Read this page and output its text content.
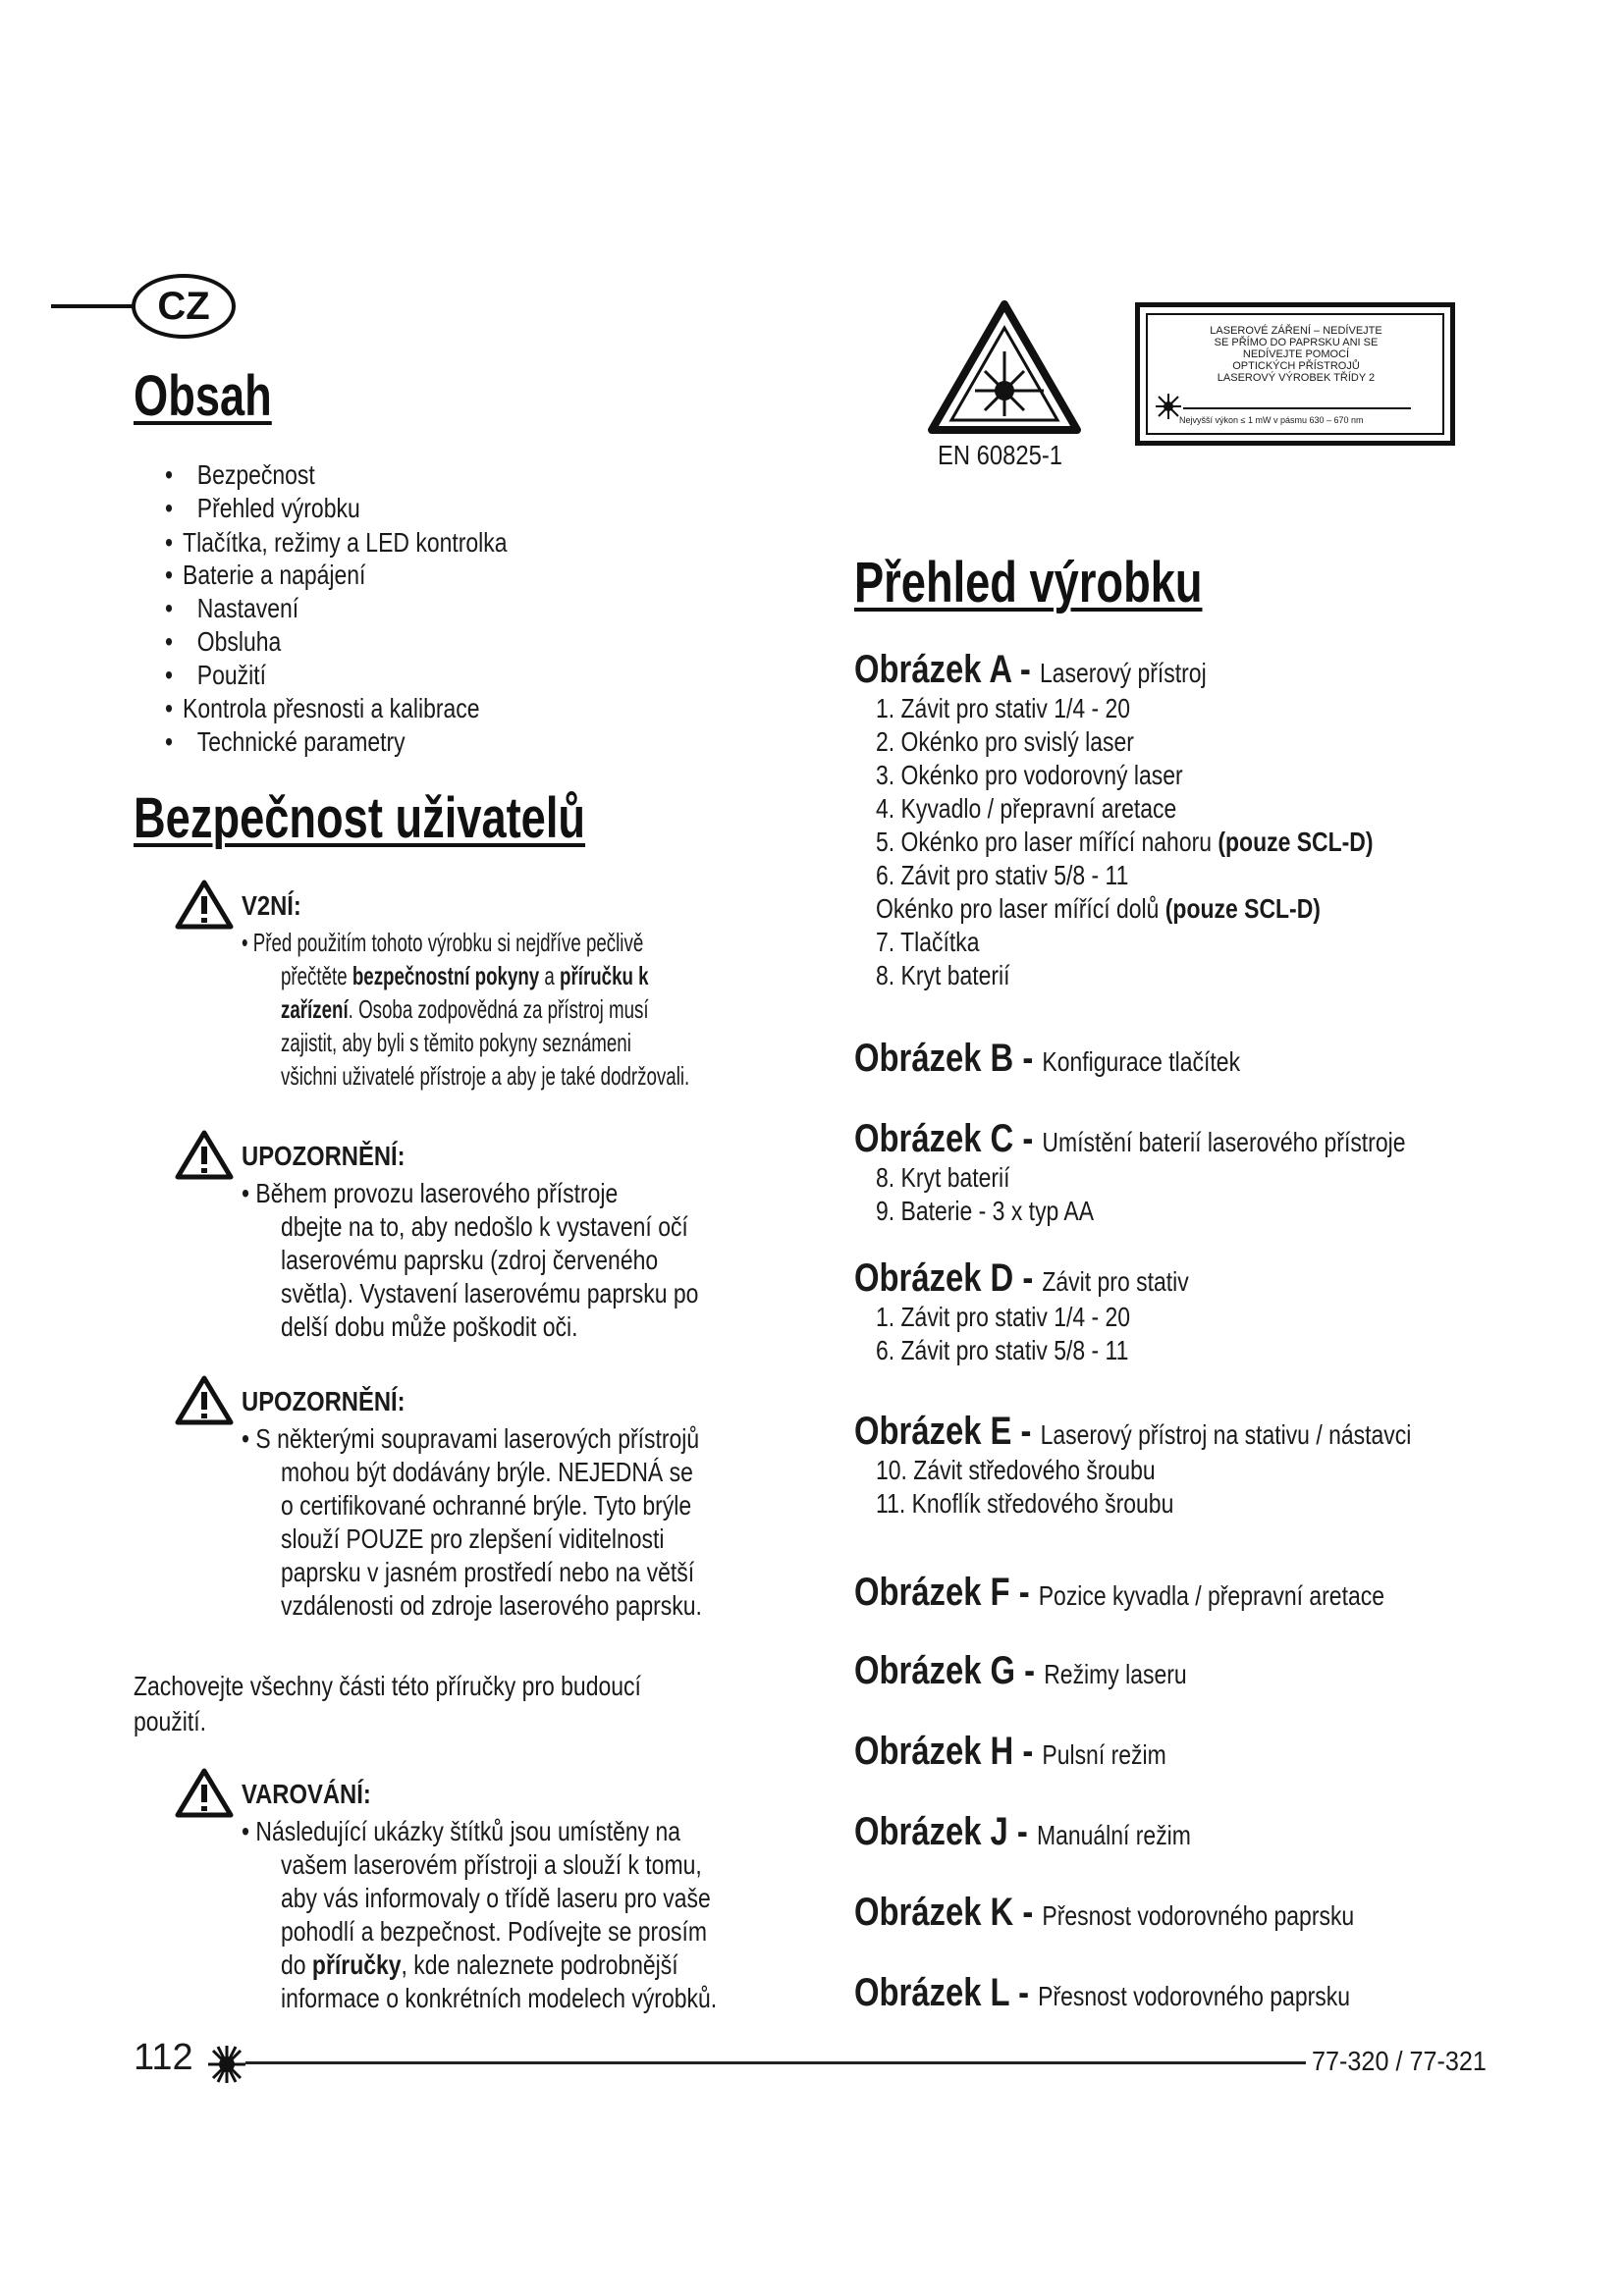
CZ
Obsah
• Bezpečnost
• Přehled výrobku
• Tlačítka, režimy a LED kontrolka
• Baterie a napájení
• Nastavení
• Obsluha
• Použití
• Kontrola přesnosti a kalibrace
• Technické parametry
Bezpečnost uživatelů
V2NÍ:
• Před použitím tohoto výrobku si nejdříve pečlivě
přečtěte bezpečnostní pokyny a příručku k
zařízení. Osoba zodpovědná za přístroj musí
zajistit, aby byli s těmito pokyny seznámeni
všichni uživatelé přístroje a aby je také dodržovali.
UPOZORNĚNÍ:
• Během provozu laserového přístroje
dbejte na to, aby nedošlo k vystavení očí
laserovému paprsku (zdroj červeného
světla). Vystavení laserovému paprsku po
delší dobu může poškodit oči.
UPOZORNĚNÍ:
• S některými soupravami laserových přístrojů
mohou být dodávány brýle. NEJEDNÁ se
o certifikované ochranné brýle. Tyto brýle
slouží POUZE pro zlepšení viditelnosti
paprsku v jasném prostředí nebo na větší
vzdálenosti od zdroje laserového paprsku.
VAROVÁNÍ:
• Následující ukázky štítků jsou umístěny na
vašem laserovém přístroji a slouží k tomu,
aby vás informovaly o třídě laseru pro vaše
pohodlí a bezpečnost. Podívejte se prosím
do příručky, kde naleznete podrobnější
informace o konkrétních modelech výrobků.
Zachovejte všechny části této příručky pro budoucí
použití.
EN 60825-1
LASEROVÉ ZÁŘENÍ – NEDÍVEJTE
SE PŘÍMO DO PAPRSKU ANI SE
NEDÍVEJTE POMOCÍ
OPTICKÝCH PŘÍSTROJŮ
LASEROVÝ VÝROBEK TŘÍDY 2
Nejvyšší výkon ≤ 1 mW v pásmu 630 – 670 nm
Přehled výrobku
Obrázek A - Laserový přístroj
1. Závit pro stativ 1/4 - 20
2. Okénko pro svislý laser
3. Okénko pro vodorovný laser
4. Kyvadlo / přepravní aretace
5. Okénko pro laser mířící nahoru (pouze SCL-D)
6. Závit pro stativ 5/8 - 11
Okénko pro laser mířící dolů (pouze SCL-D)
7. Tlačítka
8. Kryt baterií
Obrázek B - Konfigurace tlačítek
Obrázek C - Umístění baterií laserového přístroje
8. Kryt baterií
9. Baterie - 3 x typ AA
Obrázek D - Závit pro stativ
1. Závit pro stativ 1/4 - 20
6. Závit pro stativ 5/8 - 11
Obrázek E - Laserový přístroj na stativu / nástavci
10. Závit středového šroubu
11. Knoflík středového šroubu
Obrázek F - Pozice kyvadla / přepravní aretace
Obrázek G - Režimy laseru
Obrázek H - Pulsní režim
Obrázek J - Manuální režim
Obrázek K - Přesnost vodorovného paprsku
Obrázek L - Přesnost vodorovného paprsku
112	77-320 / 77-321
